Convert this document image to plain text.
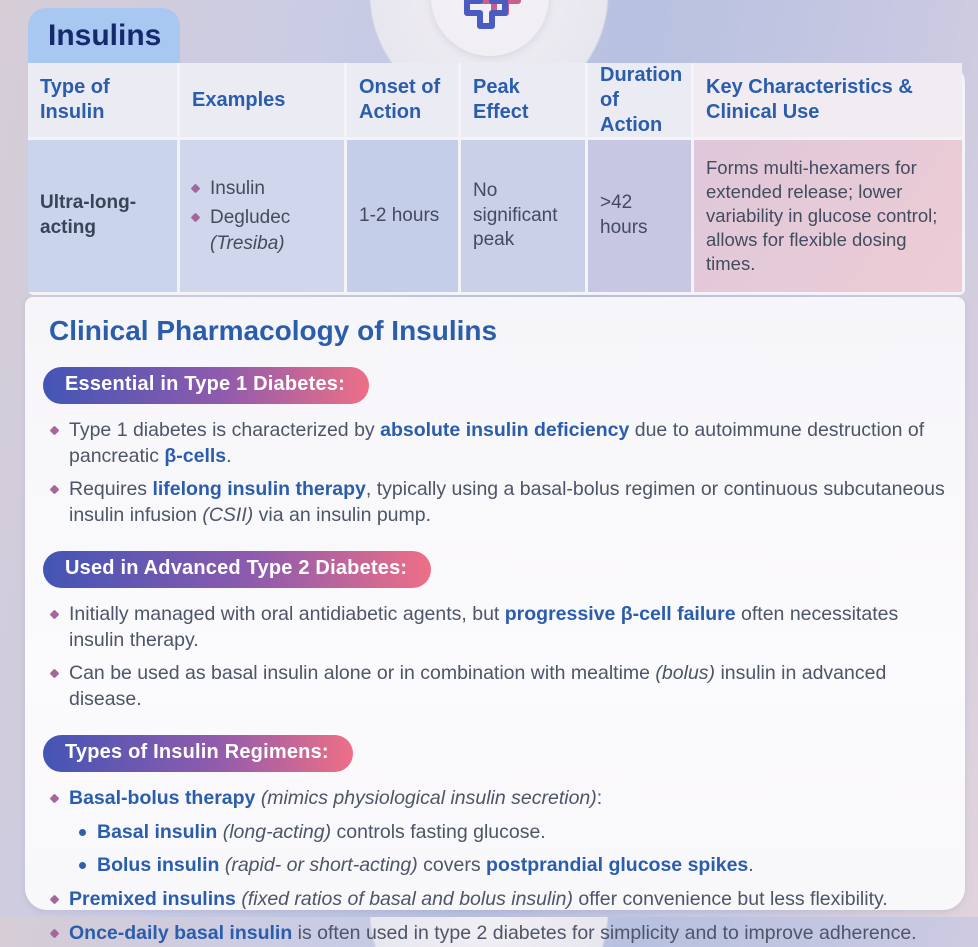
Insulins
Type of Insulin
Examples
Onset of Action
Peak Effect
Duration of Action
Key Characteristics & Clinical Use
Ultra-long-acting
Insulin
Degludec (Tresiba)
1-2 hours
No significant peak
>42 hours
Forms multi-hexamers for extended release; lower variability in glucose control; allows for flexible dosing times.
Clinical Pharmacology of Insulins
Essential in Type 1 Diabetes:
Type 1 diabetes is characterized by absolute insulin deficiency due to autoimmune destruction of pancreatic β-cells.
Requires lifelong insulin therapy, typically using a basal-bolus regimen or continuous subcutaneous insulin infusion (CSII) via an insulin pump.
Used in Advanced Type 2 Diabetes:
Initially managed with oral antidiabetic agents, but progressive β-cell failure often necessitates insulin therapy.
Can be used as basal insulin alone or in combination with mealtime (bolus) insulin in advanced disease.
Types of Insulin Regimens:
Basal-bolus therapy (mimics physiological insulin secretion):
Basal insulin (long-acting) controls fasting glucose.
Bolus insulin (rapid- or short-acting) covers postprandial glucose spikes.
Premixed insulins (fixed ratios of basal and bolus insulin) offer convenience but less flexibility.
Once-daily basal insulin is often used in type 2 diabetes for simplicity and to improve adherence.
